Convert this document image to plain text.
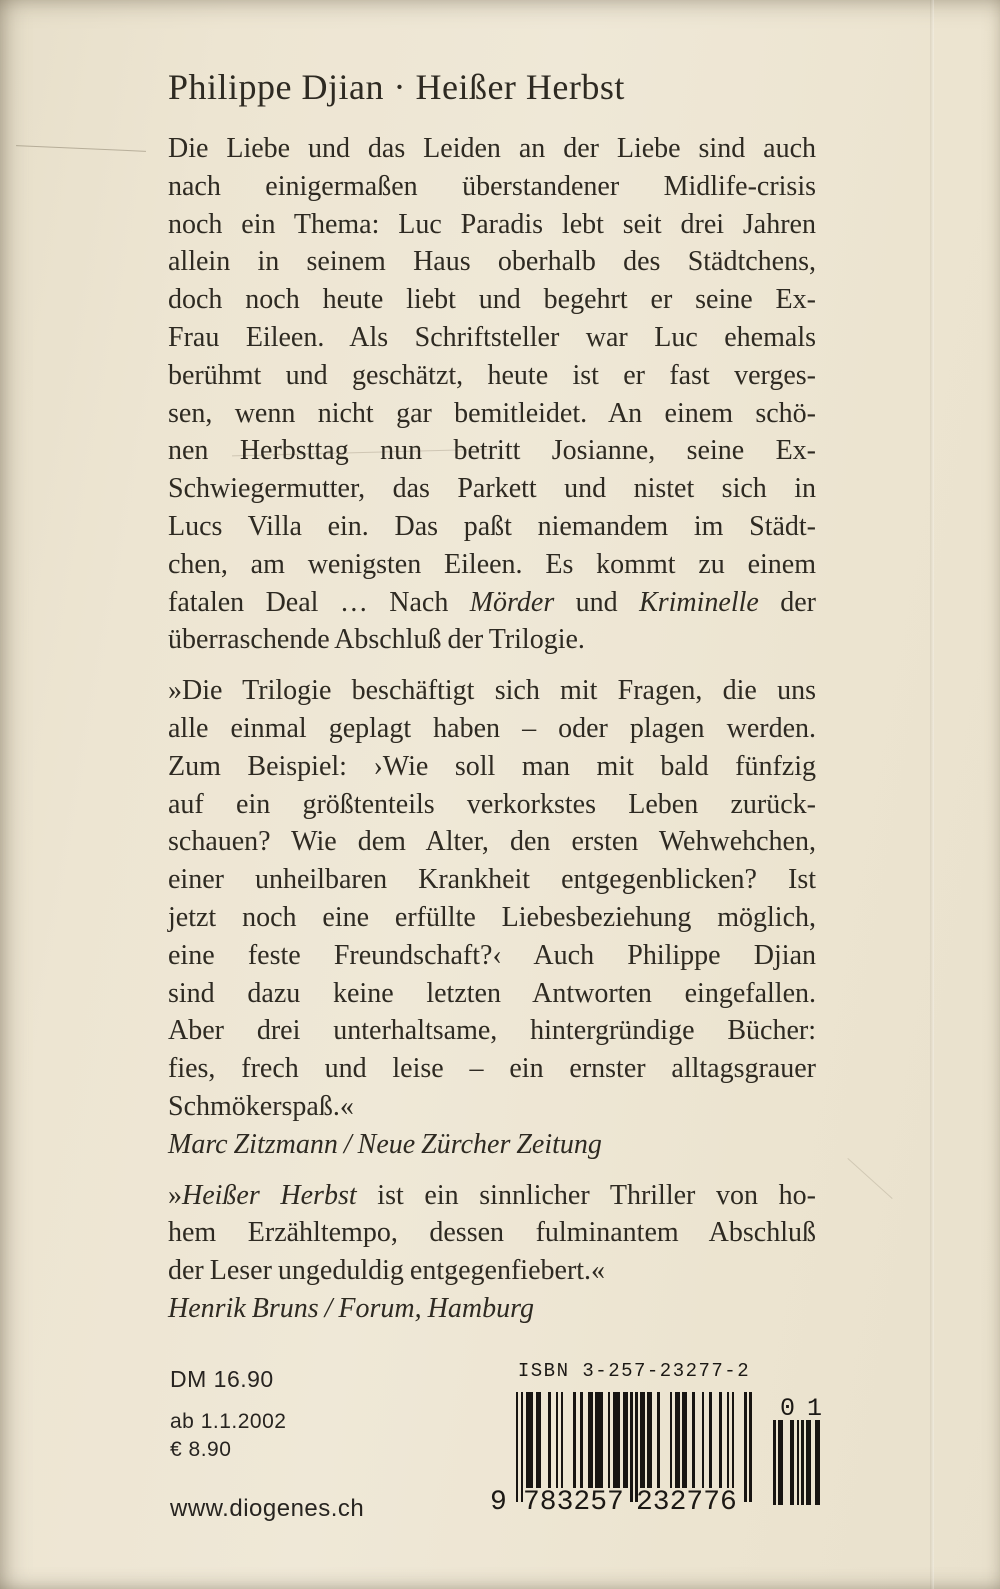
Philippe Djian · Heißer Herbst
Die Liebe und das Leiden an der Liebe sind auch
nach einigermaßen überstandener Midlife-crisis
noch ein Thema: Luc Paradis lebt seit drei Jahren
allein in seinem Haus oberhalb des Städtchens,
doch noch heute liebt und begehrt er seine Ex-
Frau Eileen. Als Schriftsteller war Luc ehemals
berühmt und geschätzt, heute ist er fast verges-
sen, wenn nicht gar bemitleidet. An einem schö-
nen Herbsttag nun betritt Josianne, seine Ex-
Schwiegermutter, das Parkett und nistet sich in
Lucs Villa ein. Das paßt niemandem im Städt-
chen, am wenigsten Eileen. Es kommt zu einem
fatalen Deal … Nach Mörder und Kriminelle der
überraschende Abschluß der Trilogie.
»Die Trilogie beschäftigt sich mit Fragen, die uns
alle einmal geplagt haben – oder plagen werden.
Zum Beispiel: ›Wie soll man mit bald fünfzig
auf ein größtenteils verkorkstes Leben zurück-
schauen? Wie dem Alter, den ersten Wehwehchen,
einer unheilbaren Krankheit entgegenblicken? Ist
jetzt noch eine erfüllte Liebesbeziehung möglich,
eine feste Freundschaft?‹ Auch Philippe Djian
sind dazu keine letzten Antworten eingefallen.
Aber drei unterhaltsame, hintergründige Bücher:
fies, frech und leise – ein ernster alltagsgrauer
Schmökerspaß.«
Marc Zitzmann / Neue Zürcher Zeitung
»Heißer Herbst ist ein sinnlicher Thriller von ho-
hem Erzähltempo, dessen fulminantem Abschluß
der Leser ungeduldig entgegenfiebert.«
Henrik Bruns / Forum, Hamburg
DM 16.90
ab 1.1.2002
€ 8.90
www.diogenes.ch
ISBN 3-257-23277-2
9 783257 232776
0 1
